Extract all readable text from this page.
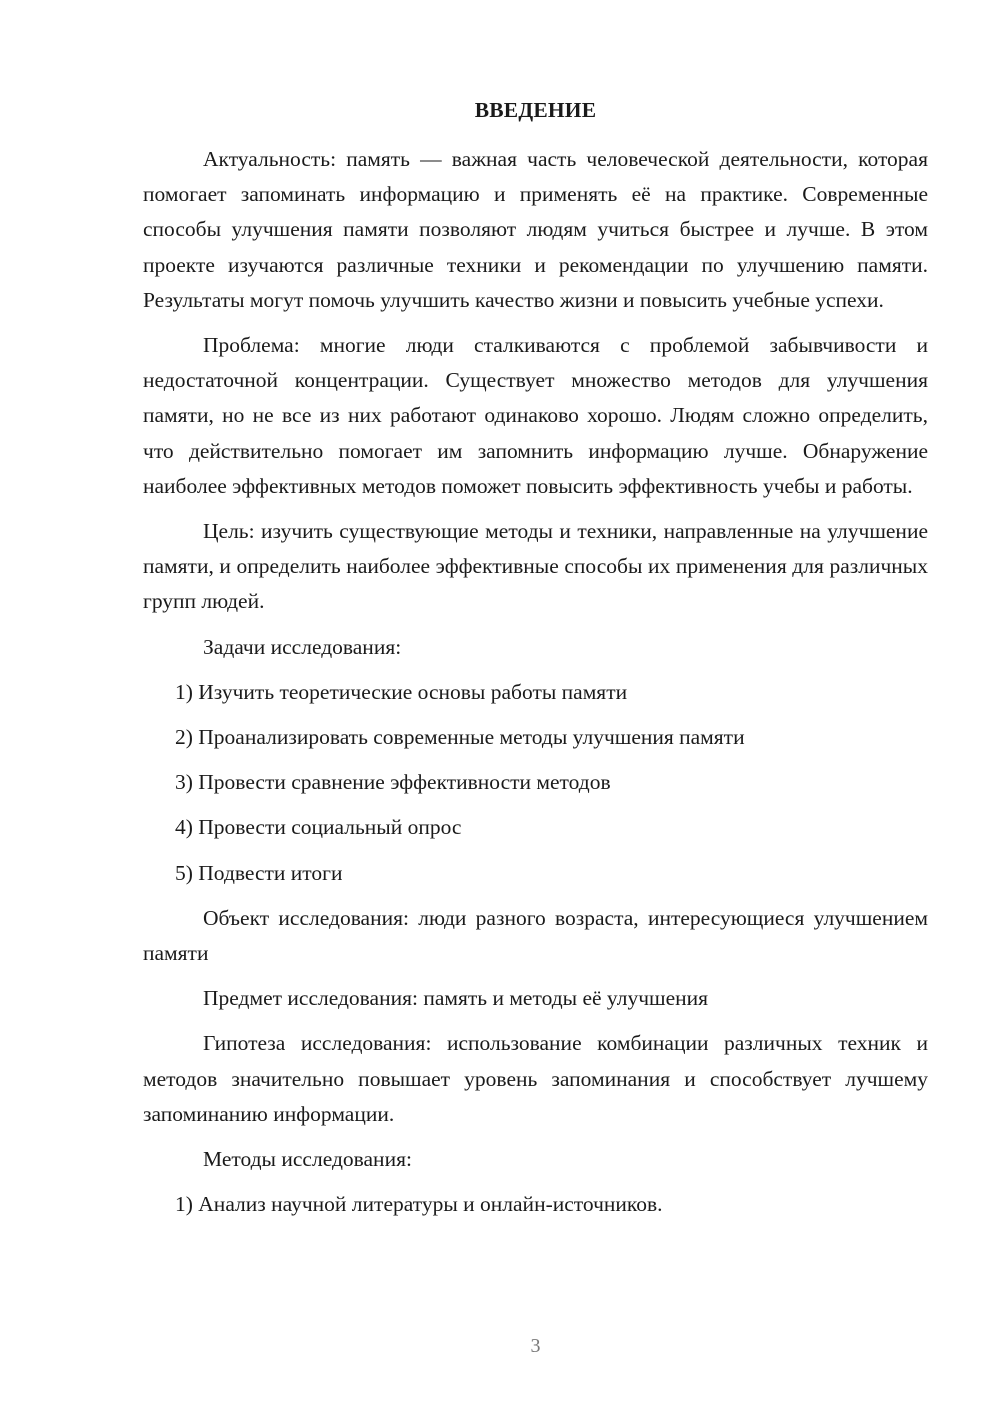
ВВЕДЕНИЕ

Актуальность: память — важная часть человеческой деятельности, которая помогает запоминать информацию и применять её на практике. Современные способы улучшения памяти позволяют людям учиться быстрее и лучше. В этом проекте изучаются различные техники и рекомендации по улучшению памяти. Результаты могут помочь улучшить качество жизни и повысить учебные успехи.

Проблема: многие люди сталкиваются с проблемой забывчивости и недостаточной концентрации. Существует множество методов для улучшения памяти, но не все из них работают одинаково хорошо. Людям сложно определить, что действительно помогает им запомнить информацию лучше. Обнаружение наиболее эффективных методов поможет повысить эффективность учебы и работы.

Цель: изучить существующие методы и техники, направленные на улучшение памяти, и определить наиболее эффективные способы их применения для различных групп людей.

Задачи исследования:

1) Изучить теоретические основы работы памяти

2) Проанализировать современные методы улучшения памяти

3) Провести сравнение эффективности методов

4) Провести социальный опрос

5) Подвести итоги

Объект исследования: люди разного возраста, интересующиеся улучшением памяти

Предмет исследования: память и методы её улучшения

Гипотеза исследования: использование комбинации различных техник и методов значительно повышает уровень запоминания и способствует лучшему запоминанию информации.

Методы исследования:

1) Анализ научной литературы и онлайн-источников.

3
